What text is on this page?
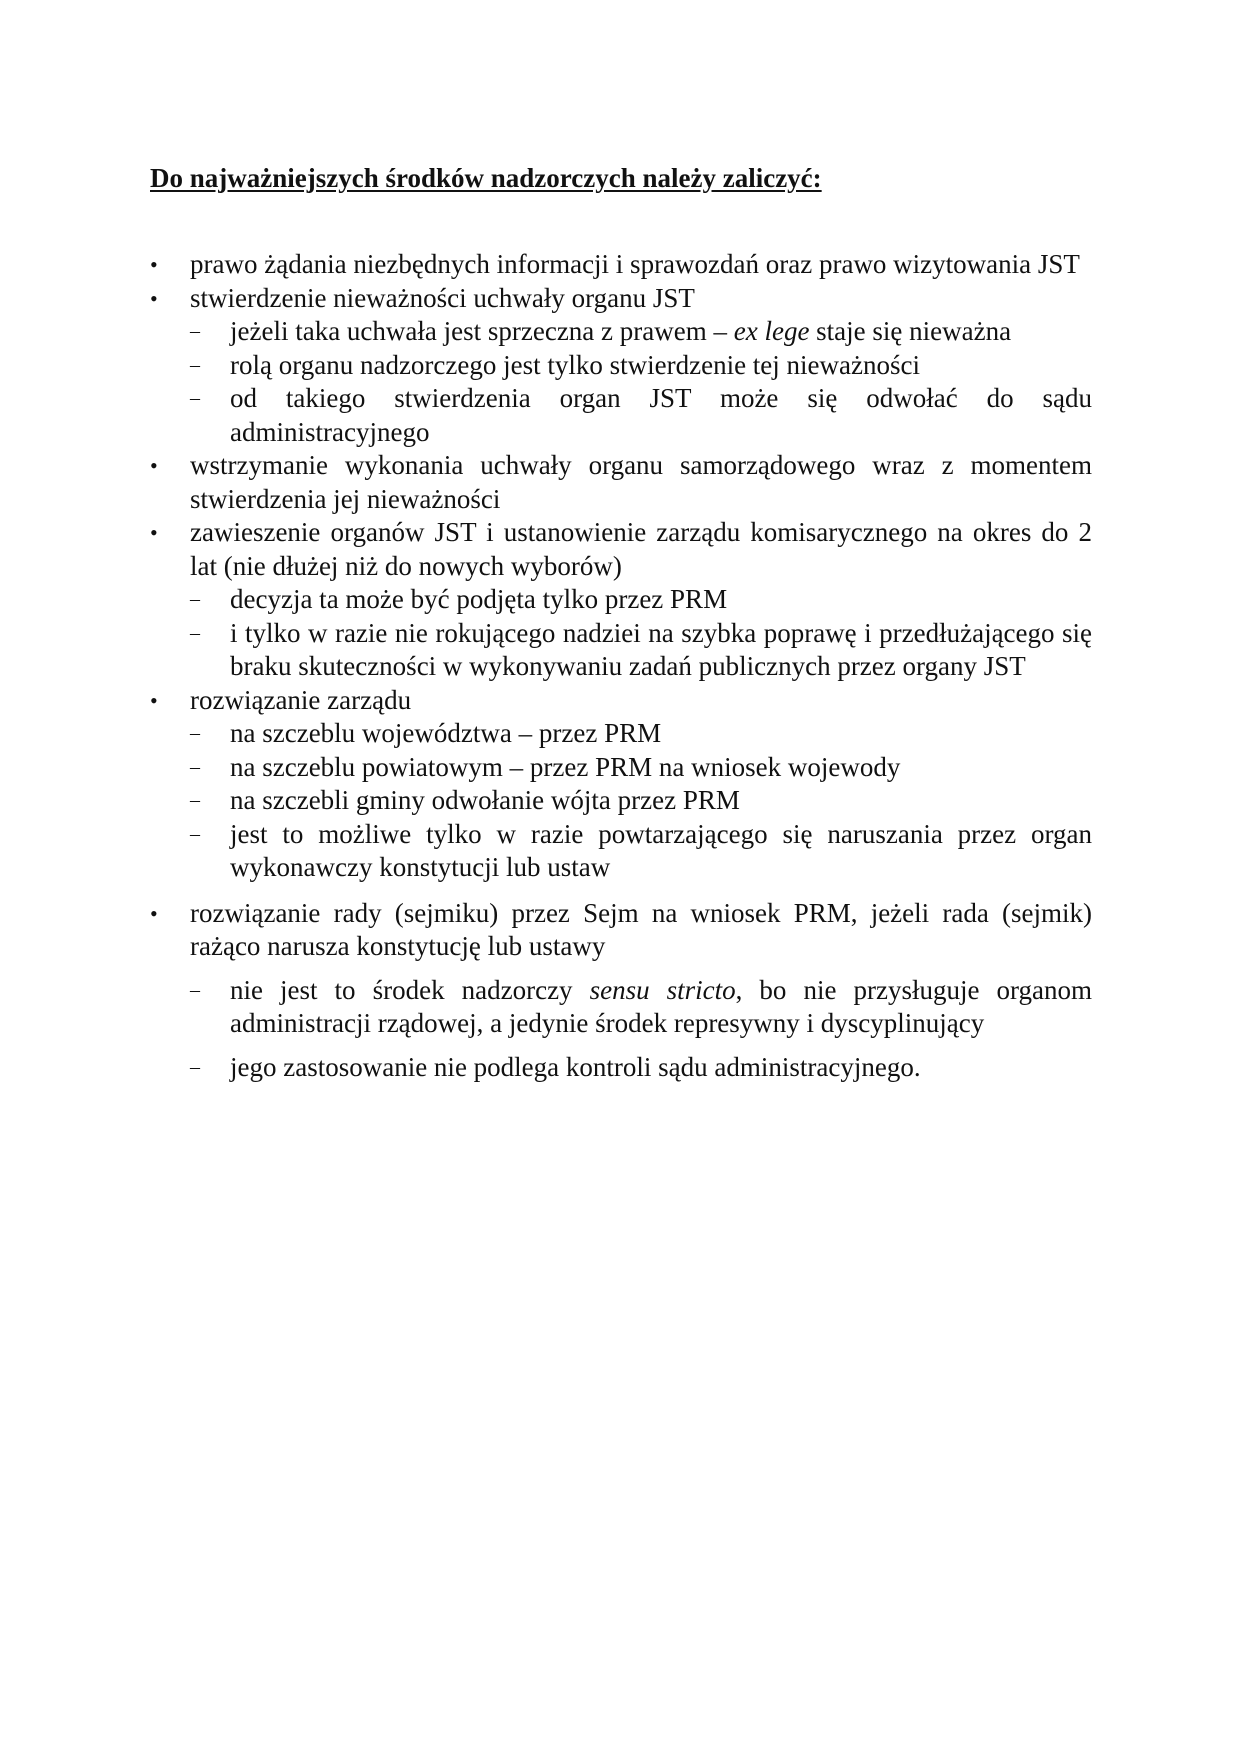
Do najważniejszych środków nadzorczych należy zaliczyć:
• prawo żądania niezbędnych informacji i sprawozdań oraz prawo wizytowania JST
• stwierdzenie nieważności uchwały organu JST
– jeżeli taka uchwała jest sprzeczna z prawem – ex lege staje się nieważna
– rolą organu nadzorczego jest tylko stwierdzenie tej nieważności
– od takiego stwierdzenia organ JST może się odwołać do sądu administracyjnego
• wstrzymanie wykonania uchwały organu samorządowego wraz z momentem stwierdzenia jej nieważności
• zawieszenie organów JST i ustanowienie zarządu komisarycznego na okres do 2 lat (nie dłużej niż do nowych wyborów)
– decyzja ta może być podjęta tylko przez PRM
– i tylko w razie nie rokującego nadziei na szybka poprawę i przedłużającego się braku skuteczności w wykonywaniu zadań publicznych przez organy JST
• rozwiązanie zarządu
– na szczeblu województwa – przez PRM
– na szczeblu powiatowym – przez PRM na wniosek wojewody
– na szczebli gminy odwołanie wójta przez PRM
– jest to możliwe tylko w razie powtarzającego się naruszania przez organ wykonawczy konstytucji lub ustaw
• rozwiązanie rady (sejmiku) przez Sejm na wniosek PRM, jeżeli rada (sejmik) rażąco narusza konstytucję lub ustawy
– nie jest to środek nadzorczy sensu stricto, bo nie przysługuje organom administracji rządowej, a jedynie środek represywny i dyscyplinujący
– jego zastosowanie nie podlega kontroli sądu administracyjnego.
